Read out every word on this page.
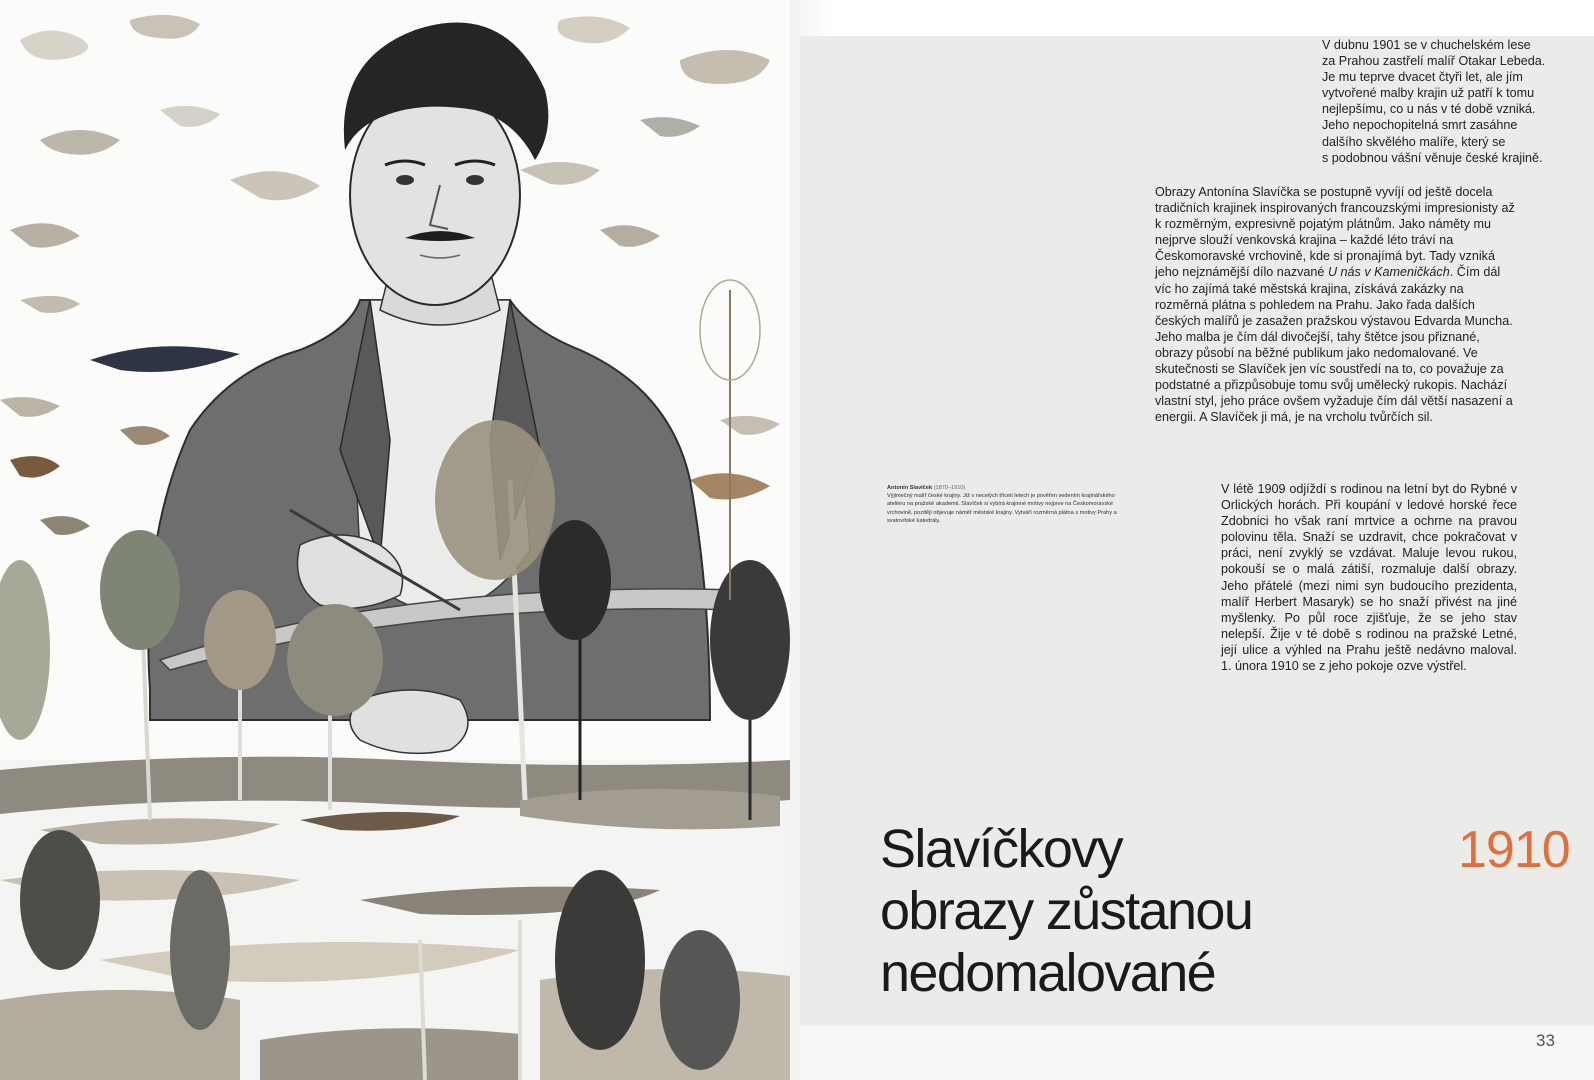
V dubnu 1901 se v chuchelském lese
za Prahou zastřelí malíř Otakar Lebeda.
Je mu teprve dvacet čtyři let, ale jím
vytvořené malby krajin už patří k tomu
nejlepšímu, co u nás v té době vzniká.
Jeho nepochopitelná smrt zasáhne
dalšího skvělého malíře, který se
s podobnou vášní věnuje české krajině.

Obrazy Antonína Slavíčka se postupně vyvíjí od ještě docela tradičních krajinek inspirovaných francouzskými impresionisty až k rozměrným, expresivně pojatým plátnům. Jako náměty mu nejprve slouží venkovská krajina – každé léto tráví na Českomoravské vrchovině, kde si pronajímá byt. Tady vzniká jeho nejznámější dílo nazvané U nás v Kameničkách. Čím dál víc ho zajímá také městská krajina, získává zakázky na rozměrná plátna s pohledem na Prahu. Jako řada dalších českých malířů je zasažen pražskou výstavou Edvarda Muncha. Jeho malba je čím dál divočejší, tahy štětce jsou přiznané, obrazy působí na běžné publikum jako nedomalované. Ve skutečnosti se Slavíček jen víc soustředí na to, co považuje za podstatné a přizpůsobuje tomu svůj umělecký rukopis. Nachází vlastní styl, jeho práce ovšem vyžaduje čím dál větší nasazení a energii. A Slavíček ji má, je na vrcholu tvůrčích sil.

Antonín Slavíček (1870–1910)
Výjimečný malíř české krajiny. Již v necelých třiceti letech je pověřen vedením krajinářského ateliéru na pražské akademii. Slavíček si vybírá krajinné motivy nejprve na Českomoravské vrchovině, později objevuje náměť městské krajiny. Vytváří rozměrná plátna s motivy Prahy a svatovítské katedrály.

V létě 1909 odjíždí s rodinou na letní byt do Rybné v Orlických horách. Při koupání v ledové horské řece Zdobnici ho však raní mrtvice a ochrne na pravou polovinu těla. Snaží se uzdravit, chce pokračovat v práci, není zvyklý se vzdávat. Maluje levou rukou, pokouší se o malá zátiší, rozmaluje další obrazy. Jeho přátelé (mezi nimi syn budoucího prezidenta, malíř Herbert Masaryk) se ho snaží přivést na jiné myšlenky. Po půl roce zjišťuje, že se jeho stav nelepší. Žije v té době s rodinou na pražské Letné, její ulice a výhled na Prahu ještě nedávno maloval. 1. února 1910 se z jeho pokoje ozve výstřel.

Slavíčkovy
obrazy zůstanou
nedomalované
1910
33
